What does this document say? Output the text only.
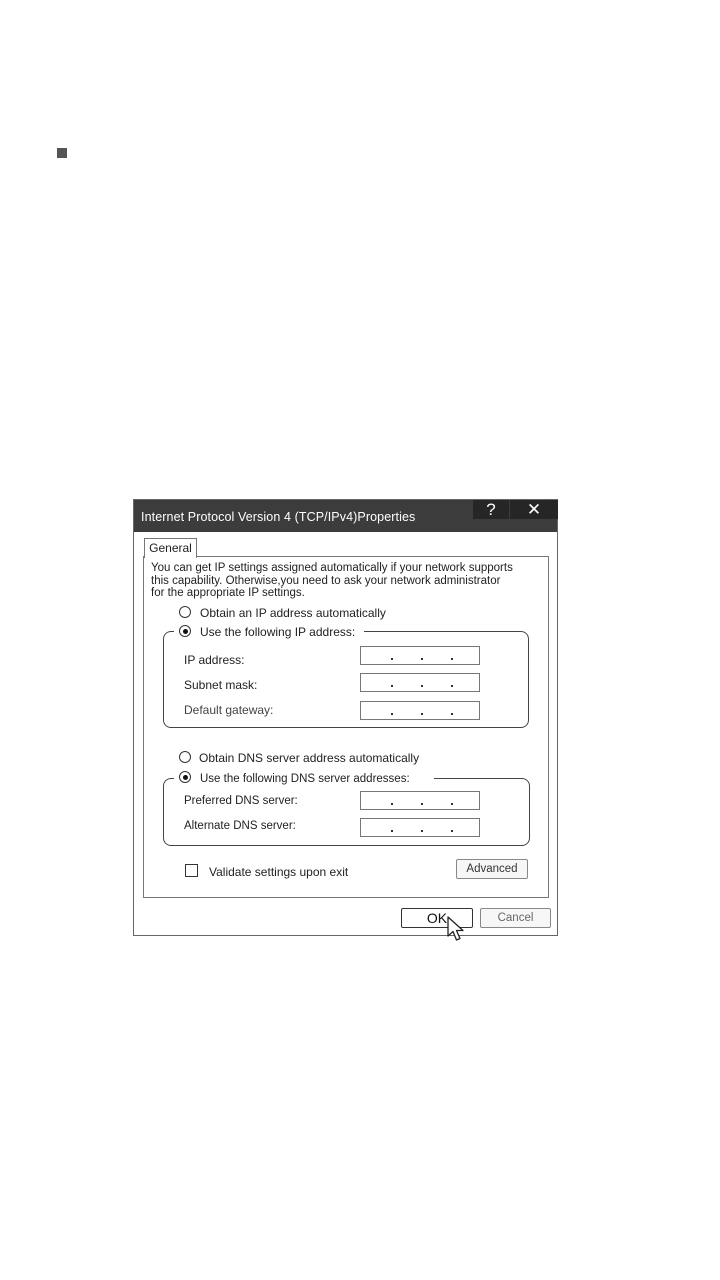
Internet Protocol Version 4 (TCP/IPv4)Properties	?	✕
General

You can get IP settings assigned automatically if your network supports
this capability. Otherwise,you need to ask your network administrator
for the appropriate IP settings.

Obtain an IP address automatically
Use the following IP address:
IP address:
Subnet mask:
Default gateway:
Obtain DNS server address automatically
Use the following DNS server addresses:
Preferred DNS server:
Alternate DNS server:
Validate settings upon exit	Advanced
OK	Cancel
